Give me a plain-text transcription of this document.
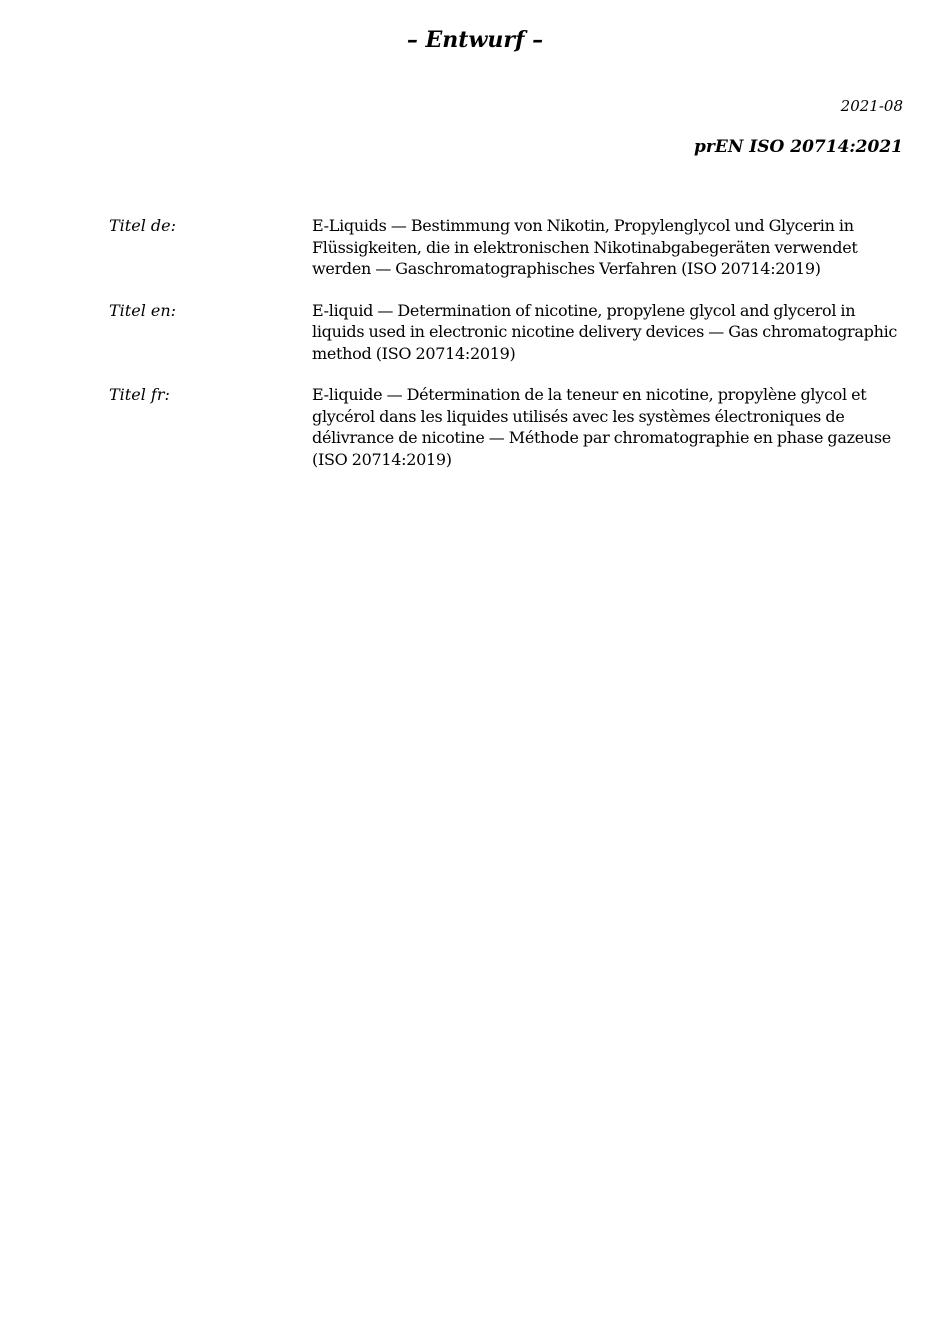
– Entwurf –
2021-08
prEN ISO 20714:2021
Titel de:	E-Liquids — Bestimmung von Nikotin, Propylenglycol und Glycerin in Flüssigkeiten, die in elektronischen Nikotinabgabegeräten verwendet werden — Gaschromatographisches Verfahren (ISO 20714:2019)
Titel en:	E-liquid — Determination of nicotine, propylene glycol and glycerol in liquids used in electronic nicotine delivery devices — Gas chromatographic method (ISO 20714:2019)
Titel fr:	E-liquide — Détermination de la teneur en nicotine, propylène glycol et glycérol dans les liquides utilisés avec les systèmes électroniques de délivrance de nicotine — Méthode par chromatographie en phase gazeuse (ISO 20714:2019)
